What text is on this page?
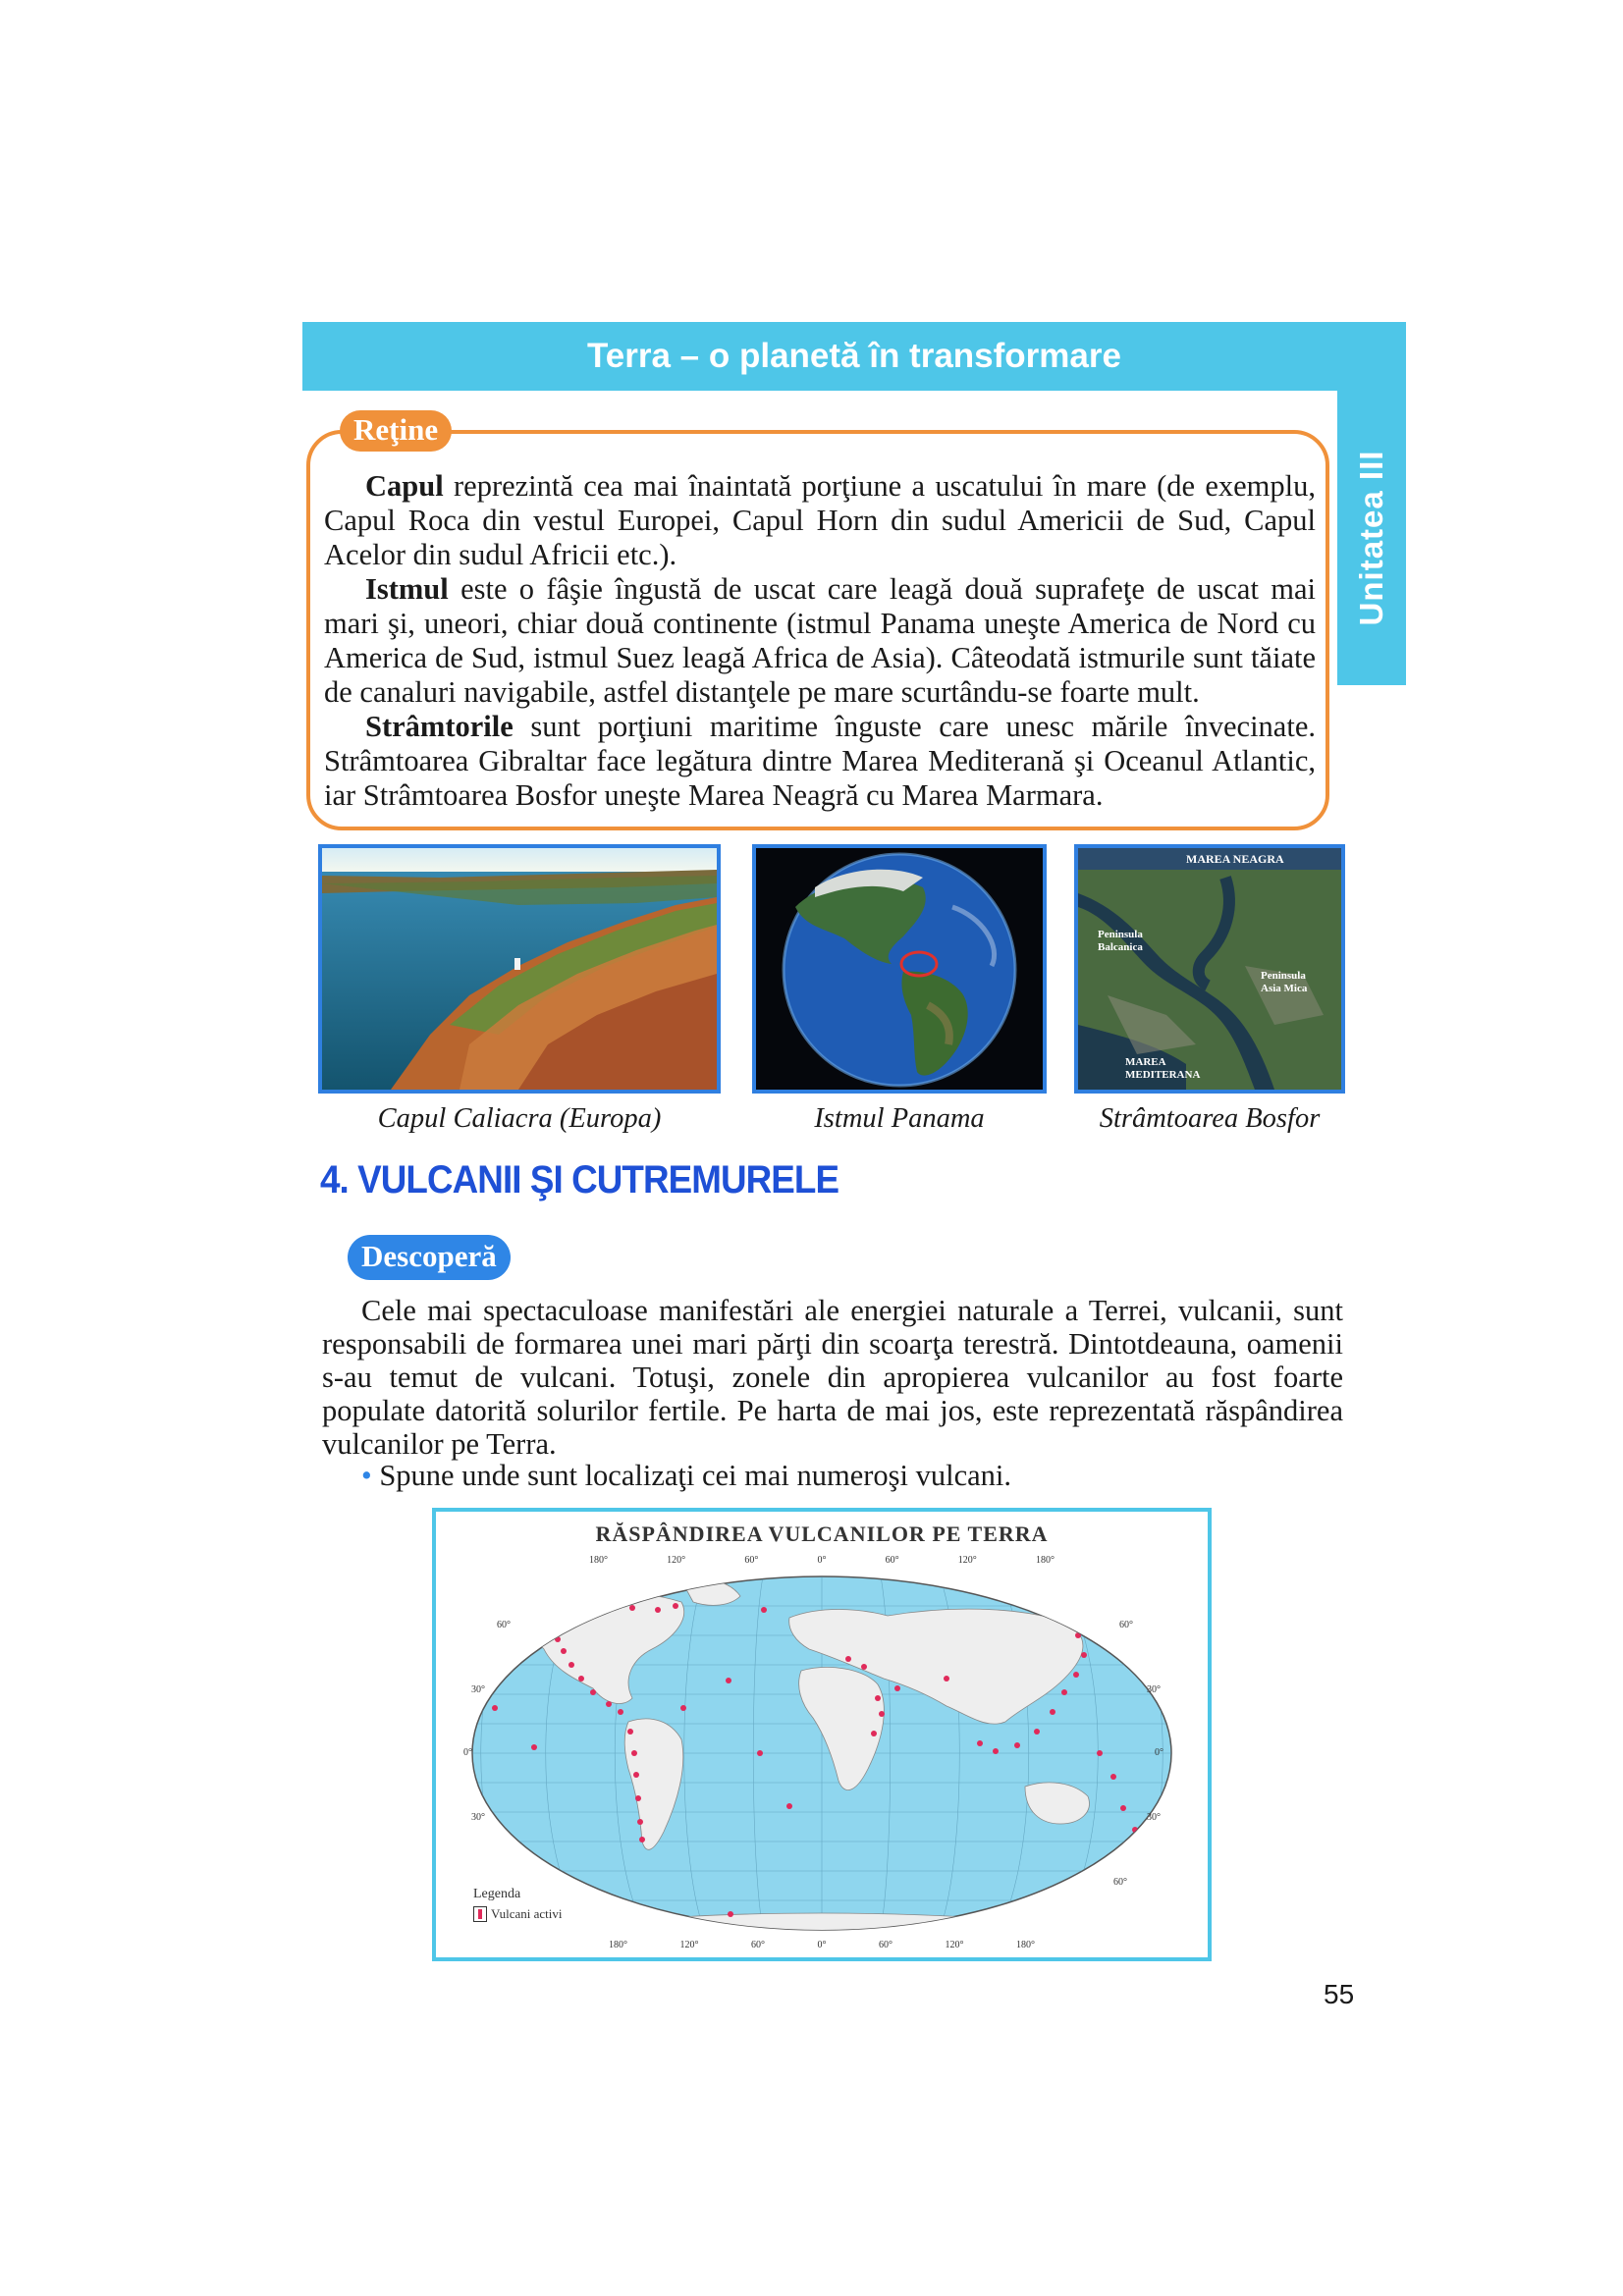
Terra – o planetă în transformare
Unitatea III
Reţine

Capul reprezintă cea mai înaintată porţiune a uscatului în mare (de exemplu, Capul Roca din vestul Europei, Capul Horn din sudul Americii de Sud, Capul Acelor din sudul Africii etc.).

Istmul este o fâşie îngustă de uscat care leagă două suprafeţe de uscat mai mari şi, uneori, chiar două continente (istmul Panama uneşte America de Nord cu America de Sud, istmul Suez leagă Africa de Asia). Câteodată istmurile sunt tăiate de canaluri navigabile, astfel distanţele pe mare scurtându-se foarte mult.

Strâmtorile sunt porţiuni maritime înguste care unesc mările învecinate. Strâmtoarea Gibraltar face legătura dintre Marea Mediterană şi Oceanul Atlantic, iar Strâmtoarea Bosfor uneşte Marea Neagră cu Marea Marmara.

MAREA NEAGRA
Peninsula
Balcanica
Peninsula
Asia Mica
MAREA
MEDITERANA
Capul Caliacra (Europa)	Istmul Panama	Strâmtoarea Bosfor
4. VULCANII ŞI CUTREMURELE
Descoperă

Cele mai spectaculoase manifestări ale energiei naturale a Terrei, vulcanii, sunt responsabili de formarea unei mari părţi din scoarţa terestră. Dintotdeauna, oamenii s-au temut de vulcani. Totuşi, zonele din apropierea vulcanilor au fost foarte populate datorită solurilor fertile. Pe harta de mai jos, este reprezentată răspândirea vulcanilor pe Terra.

• Spune unde sunt localizaţi cei mai numeroşi vulcani.
RĂSPÂNDIREA VULCANILOR PE TERRA
180°	120°	60°	0°	60°	120°	180°
180°	120°	60°	0°	60°	120°	180°
60°
30°
0°
30°
60°
30°
0°
30°
60°
Legenda
Vulcani activi
55
